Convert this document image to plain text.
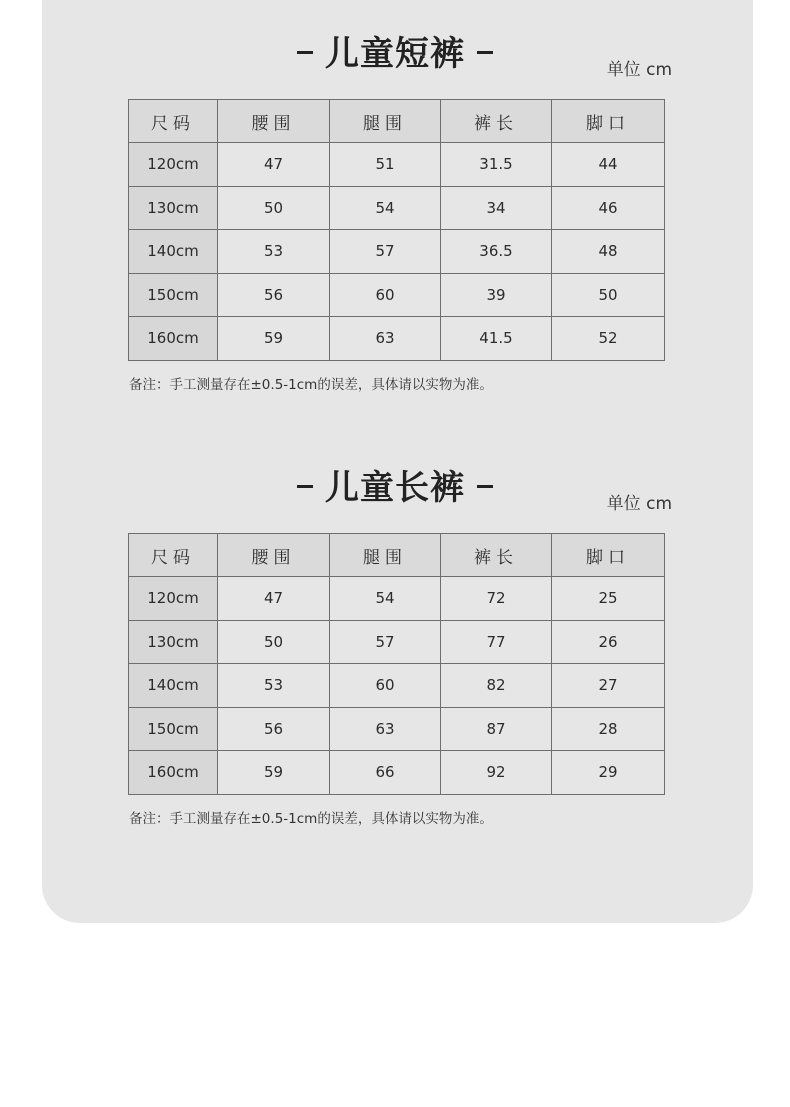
儿童短裤	单位 cm
尺码	腰围	腿围	裤长	脚口
120cm	47	51	31.5	44
130cm	50	54	34	46
140cm	53	57	36.5	48
150cm	56	60	39	50
160cm	59	63	41.5	52
备注：手工测量存在±0.5-1cm的误差，具体请以实物为准。
儿童长裤	单位 cm
尺码	腰围	腿围	裤长	脚口
120cm	47	54	72	25
130cm	50	57	77	26
140cm	53	60	82	27
150cm	56	63	87	28
160cm	59	66	92	29
备注：手工测量存在±0.5-1cm的误差，具体请以实物为准。
